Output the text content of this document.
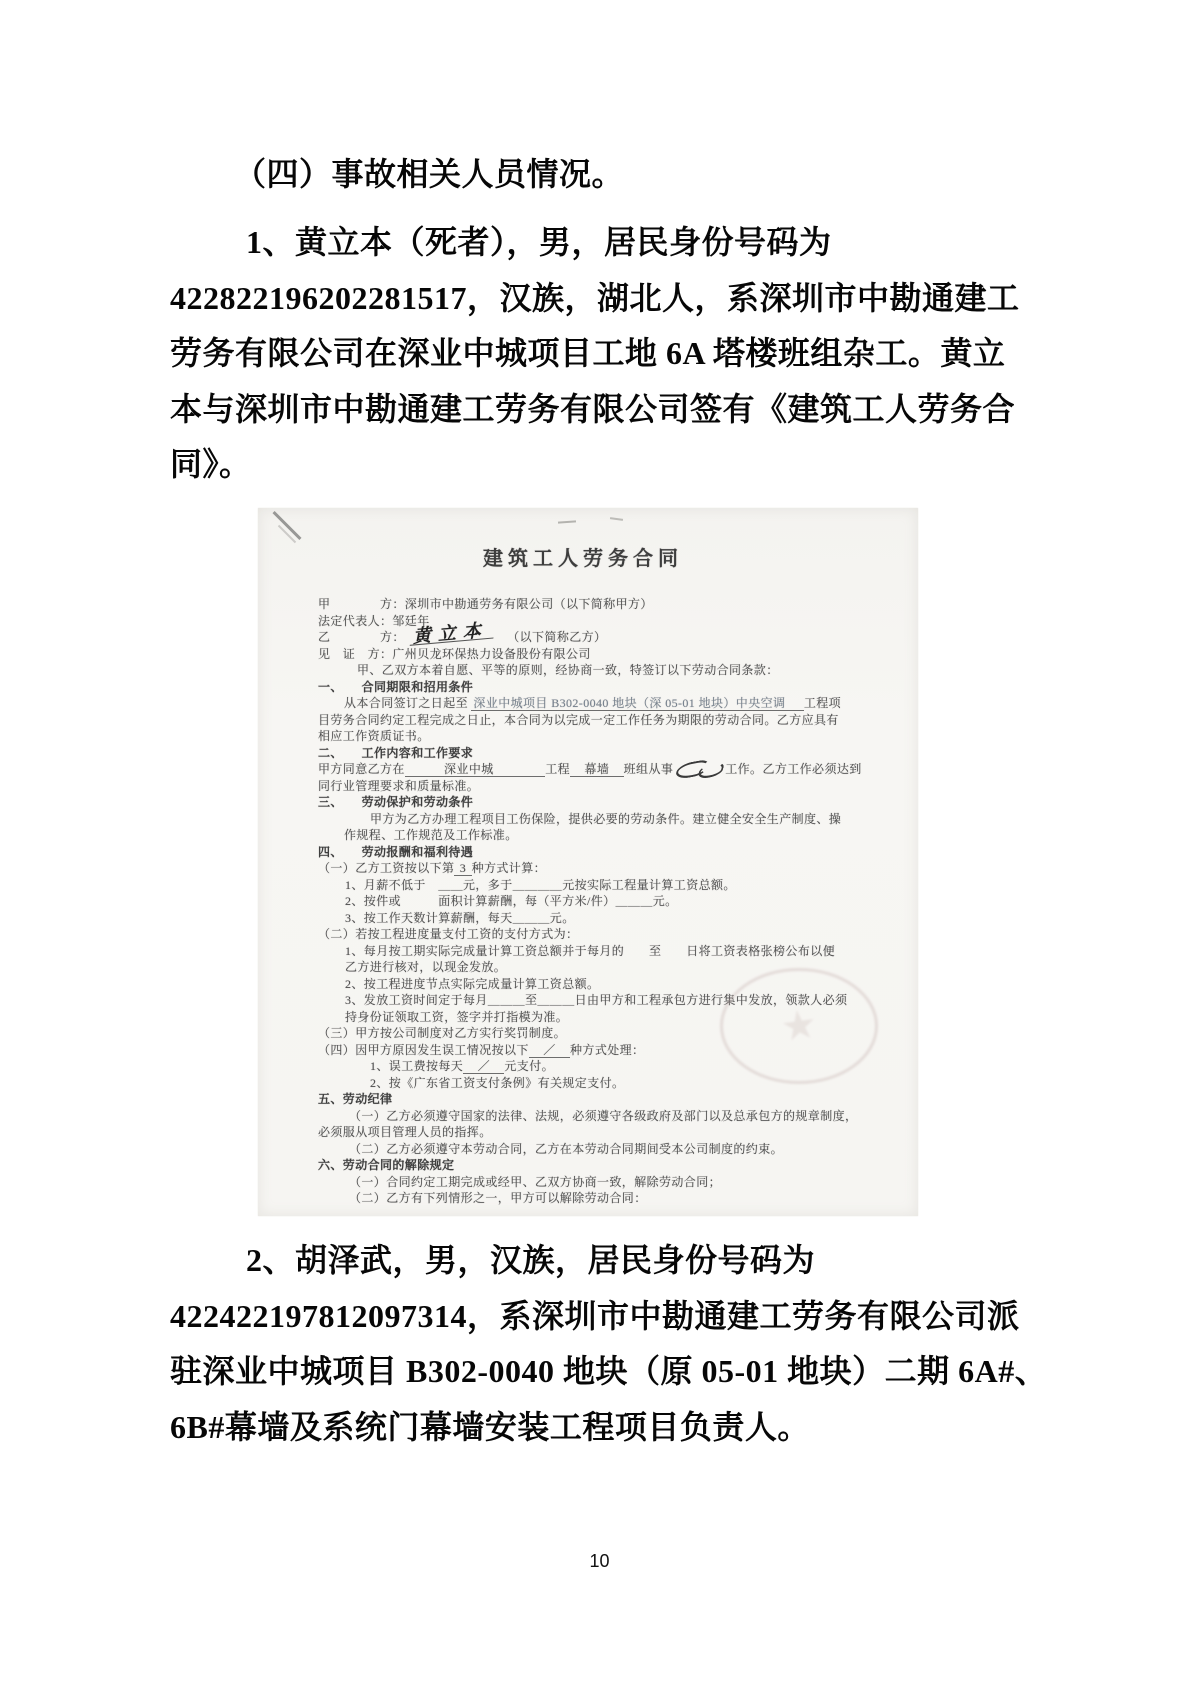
（四）事故相关人员情况。
1、黄立本（死者），男，居民身份号码为
422822196202281517，汉族，湖北人，系深圳市中勘通建工
劳务有限公司在深业中城项目工地 6A 塔楼班组杂工。黄立
本与深圳市中勘通建工劳务有限公司签有《建筑工人劳务合
同》。
建筑工人劳务合同
甲　　　　方：深圳市中勘通劳务有限公司（以下简称甲方）
法定代表人：邹廷年
乙　　　　方： 黄立本　（以下简称乙方）
见　证　方：广州贝龙环保热力设备股份有限公司
甲、乙双方本着自愿、平等的原则，经协商一致，特签订以下劳动合同条款：
一、　　合同期限和招用条件
从本合同签订之日起至 深业中城项目 B302-0040 地块（深 05-01 地块）中央空调　 工程项
目劳务合同约定工程完成之日止，本合同为以完成一定工作任务为期限的劳动合同。乙方应具有
相应工作资质证书。
二、　　工作内容和工作要求
甲方同意乙方在　　　深业中城　　　　工程　幕墙　班组从事	工作。乙方工作必须达到
同行业管理要求和质量标准。
三、　　劳动保护和劳动条件
甲方为乙方办理工程项目工伤保险，提供必要的劳动条件。建立健全安全生产制度、操
作规程、工作规范及工作标准。
四、　　劳动报酬和福利待遇
（一）乙方工资按以下第 3 种方式计算：
1、月薪不低于　＿＿元，多于＿＿＿＿元按实际工程量计算工资总额。
2、按件或　　　面积计算薪酬，每（平方米/件）＿＿＿元。
3、按工作天数计算薪酬，每天＿＿＿元。
（二）若按工程进度量支付工资的支付方式为：
1、每月按工期实际完成量计算工资总额并于每月的　　至　　日将工资表格张榜公布以便
乙方进行核对，以现金发放。
2、按工程进度节点实际完成量计算工资总额。
3、发放工资时间定于每月＿＿＿至＿＿＿日由甲方和工程承包方进行集中发放，领款人必须
持身份证领取工资，签字并打指模为准。
（三）甲方按公司制度对乙方实行奖罚制度。
（四）因甲方原因发生误工情况按以下　／　种方式处理：
1、误工费按每天　／　元支付。
2、按《广东省工资支付条例》有关规定支付。
五、劳动纪律
（一）乙方必须遵守国家的法律、法规，必须遵守各级政府及部门以及总承包方的规章制度，
必须服从项目管理人员的指挥。
（二）乙方必须遵守本劳动合同，乙方在本劳动合同期间受本公司制度的约束。
六、劳动合同的解除规定
（一）合同约定工期完成或经甲、乙双方协商一致，解除劳动合同；
（二）乙方有下列情形之一，甲方可以解除劳动合同：
★
2、胡泽武，男，汉族，居民身份号码为
422422197812097314，系深圳市中勘通建工劳务有限公司派
驻深业中城项目 B302-0040 地块（原 05-01 地块）二期 6A#、
6B#幕墙及系统门幕墙安装工程项目负责人。
10
